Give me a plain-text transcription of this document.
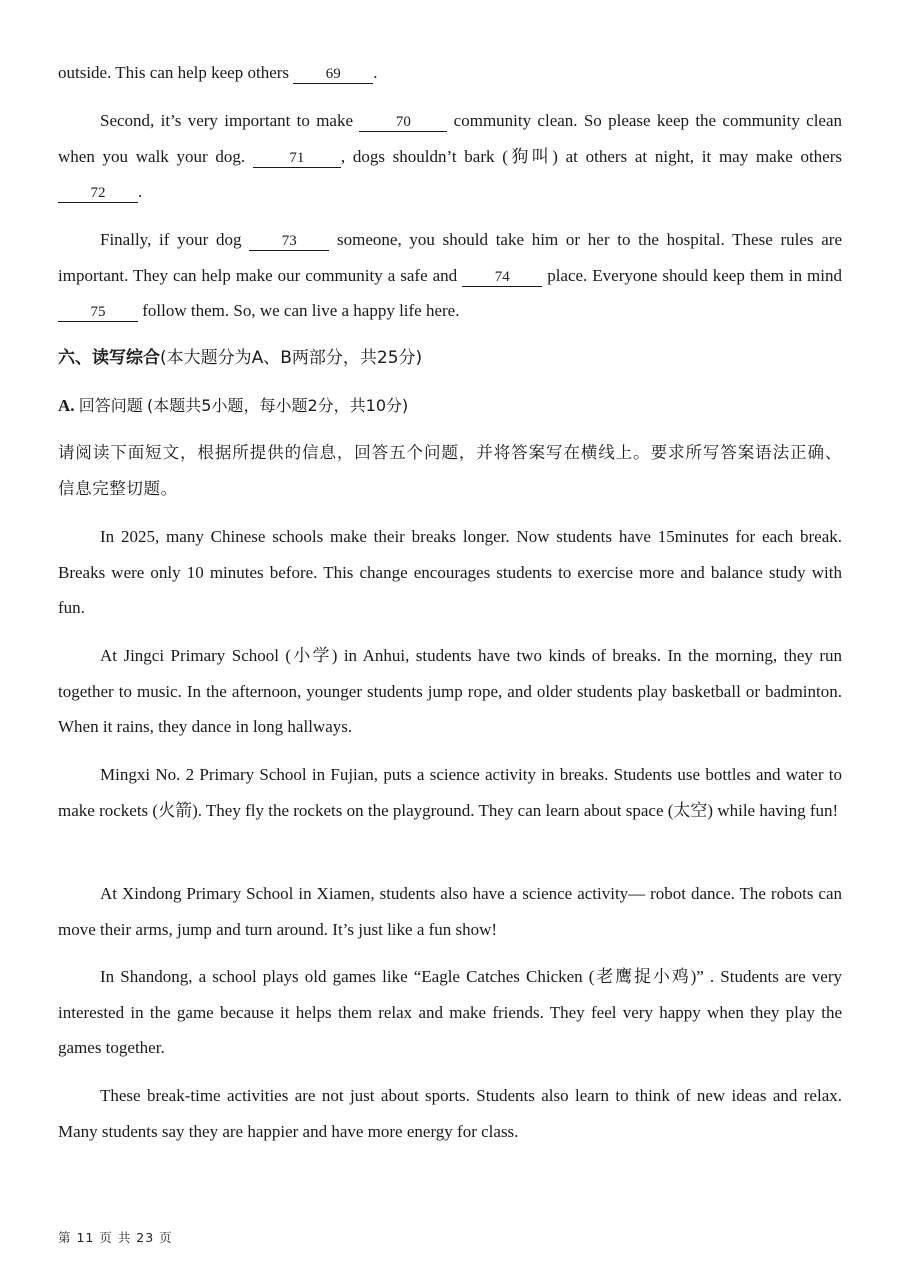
outside. This can help keep others 69 .

Second, it’s very important to make	70	community clean. So please keep the community clean when you walk your dog.	71 , dogs shouldn’t bark (狗叫) at others at night, it may make others 72 .

Finally, if your dog	73 someone, you should take him or her to the hospital. These rules are important. They can help make our community a safe and	74 place. Everyone should keep them in mind 75 follow them. So, we can live a happy life here.

六、读写综合(本大题分为A、B两部分，共25分)

A. 回答问题 (本题共5小题，每小题2分，共10分)

请阅读下面短文，根据所提供的信息，回答五个问题，并将答案写在横线上。要求所写答案语法正确、信息完整切题。

In 2025, many Chinese schools make their breaks longer. Now students have 15minutes for each break. Breaks were only 10 minutes before. This change encourages students to exercise more and balance study with fun.

At Jingci Primary School (小学) in Anhui, students have two kinds of breaks. In the morning, they run together to music. In the afternoon, younger students jump rope, and older students play basketball or badminton. When it rains, they dance in long hallways.

Mingxi No. 2 Primary School in Fujian, puts a science activity in breaks. Students use bottles and water to make rockets (火箭). They fly the rockets on the playground. They can learn about space (太空) while having fun!

At Xindong Primary School in Xiamen, students also have a science activity— robot dance. The robots can move their arms, jump and turn around. It’s just like a fun show!

In Shandong, a school plays old games like “Eagle Catches Chicken (老鹰捉小鸡)” . Students are very interested in the game because it helps them relax and make friends. They feel very happy when they play the games together.

These break-time activities are not just about sports. Students also learn to think of new ideas and relax. Many students say they are happier and have more energy for class.

第 11 页 共 23 页
